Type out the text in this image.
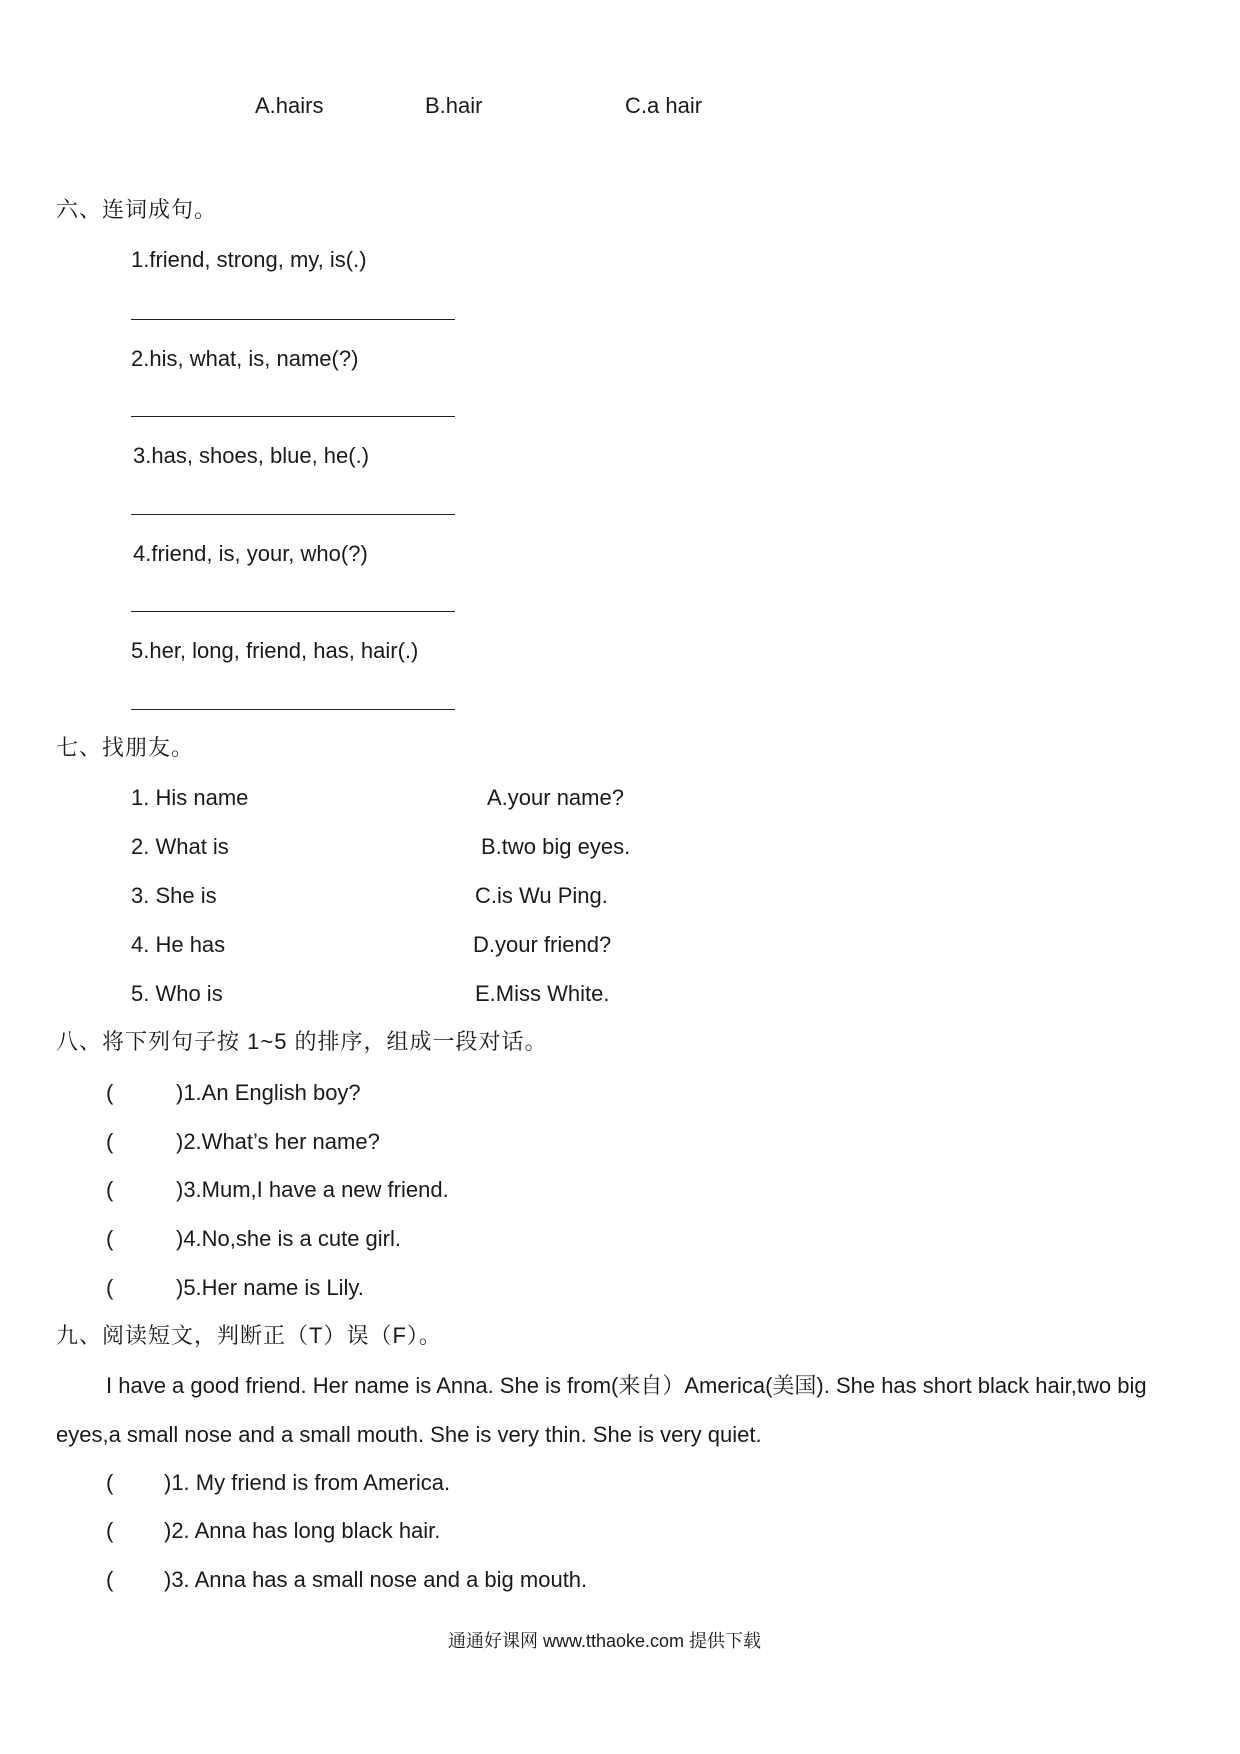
A.hairs	B.hair	C.a hair
六、连词成句。
1.friend, strong, my, is(.)
2.his, what, is, name(?)
3.has, shoes, blue, he(.)
4.friend, is, your, who(?)
5.her, long, friend, has, hair(.)
七、找朋友。
1. His name	A.your name?
2. What is	B.two big eyes.
3. She is	C.is Wu Ping.
4. He has	D.your friend?
5. Who is	E.Miss White.
八、将下列句子按 1~5 的排序，组成一段对话。
(	)1.An English boy?
(	)2.What’s her name?
(	)3.Mum,I have a new friend.
(	)4.No,she is a cute girl.
(	)5.Her name is Lily.
九、阅读短文，判断正（T）误（F）。
I have a good friend. Her name is Anna. She is from(来自）America(美国). She has short black hair,two big eyes,a small nose and a small mouth. She is very thin. She is very quiet.
( )1. My friend is from America.
( )2. Anna has long black hair.
( )3. Anna has a small nose and a big mouth.
通通好课网 www.tthaoke.com 提供下载
